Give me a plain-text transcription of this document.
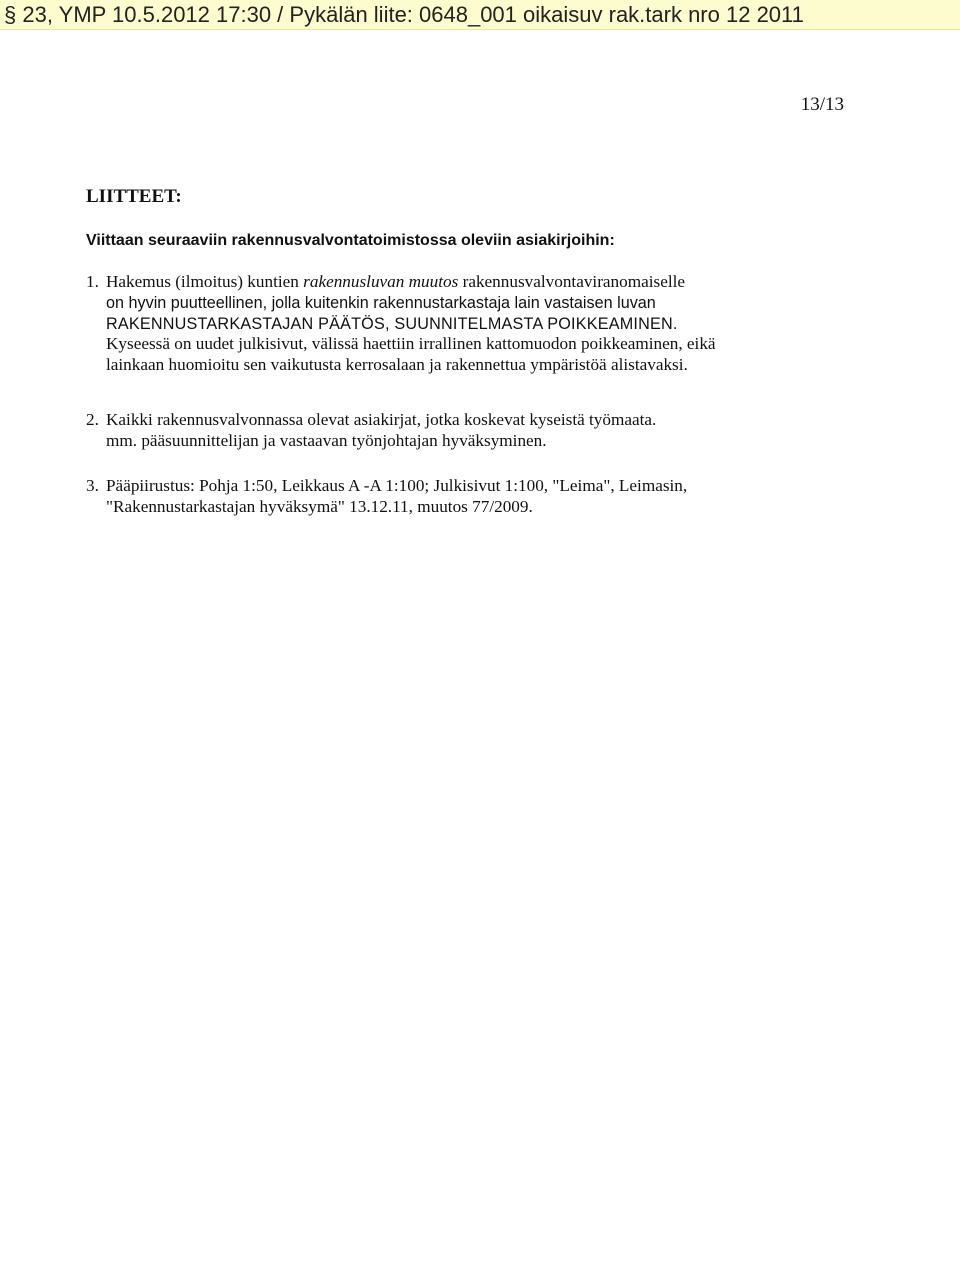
§ 23, YMP 10.5.2012 17:30 / Pykälän liite: 0648_001 oikaisuv rak.tark nro 12 2011
13/13
LIITTEET:
Viittaan seuraaviin rakennusvalvontatoimistossa oleviin asiakirjoihin:
1. Hakemus (ilmoitus) kuntien rakennusluvan muutos rakennusvalvontaviranomaiselle
on hyvin puutteellinen, jolla kuitenkin rakennustarkastaja lain vastaisen luvan
RAKENNUSTARKASTAJAN PÄÄTÖS, SUUNNITELMASTA POIKKEAMINEN.
Kyseessä on uudet julkisivut, välissä haettiin irrallinen kattomuodon poikkeaminen, eikä
lainkaan huomioitu sen vaikutusta kerrosalaan ja rakennettua ympäristöä alistavaksi.
2. Kaikki rakennusvalvonnassa olevat asiakirjat, jotka koskevat kyseistä työmaata.
mm. pääsuunnittelijan ja vastaavan työnjohtajan hyväksyminen.
3. Pääpiirustus: Pohja 1:50, Leikkaus A -A 1:100; Julkisivut 1:100, "Leima", Leimasin,
"Rakennustarkastajan hyväksymä" 13.12.11, muutos 77/2009.
